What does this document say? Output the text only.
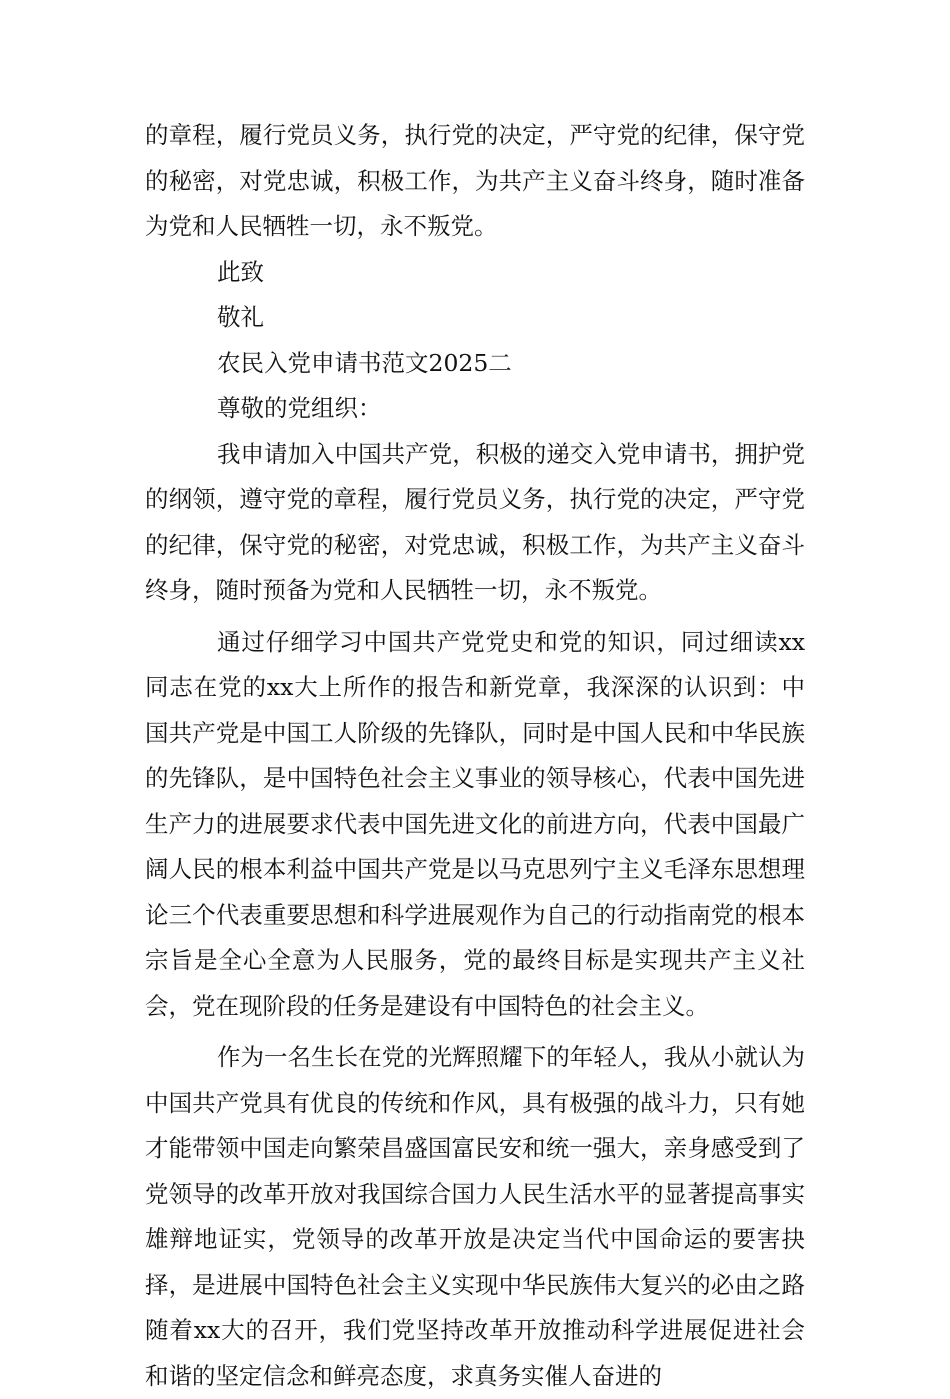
的章程，履行党员义务，执行党的决定，严守党的纪律，保守党的秘密，对党忠诚，积极工作，为共产主义奋斗终身，随时准备为党和人民牺牲一切，永不叛党。

此致

敬礼

农民入党申请书范文2025二

尊敬的党组织：

我申请加入中国共产党，积极的递交入党申请书，拥护党的纲领，遵守党的章程，履行党员义务，执行党的决定，严守党的纪律，保守党的秘密，对党忠诚，积极工作，为共产主义奋斗终身，随时预备为党和人民牺牲一切，永不叛党。

通过仔细学习中国共产党党史和党的知识，同过细读xx同志在党的xx大上所作的报告和新党章，我深深的认识到：中国共产党是中国工人阶级的先锋队，同时是中国人民和中华民族的先锋队，是中国特色社会主义事业的领导核心，代表中国先进生产力的进展要求代表中国先进文化的前进方向，代表中国最广阔人民的根本利益中国共产党是以马克思列宁主义毛泽东思想理论三个代表重要思想和科学进展观作为自己的行动指南党的根本宗旨是全心全意为人民服务，党的最终目标是实现共产主义社会，党在现阶段的任务是建设有中国特色的社会主义。

作为一名生长在党的光辉照耀下的年轻人，我从小就认为中国共产党具有优良的传统和作风，具有极强的战斗力，只有她才能带领中国走向繁荣昌盛国富民安和统一强大，亲身感受到了党领导的改革开放对我国综合国力人民生活水平的显著提高事实雄辩地证实，党领导的改革开放是决定当代中国命运的要害抉择，是进展中国特色社会主义实现中华民族伟大复兴的必由之路随着xx大的召开，我们党坚持改革开放推动科学进展促进社会和谐的坚定信念和鲜亮态度，求真务实催人奋进的
